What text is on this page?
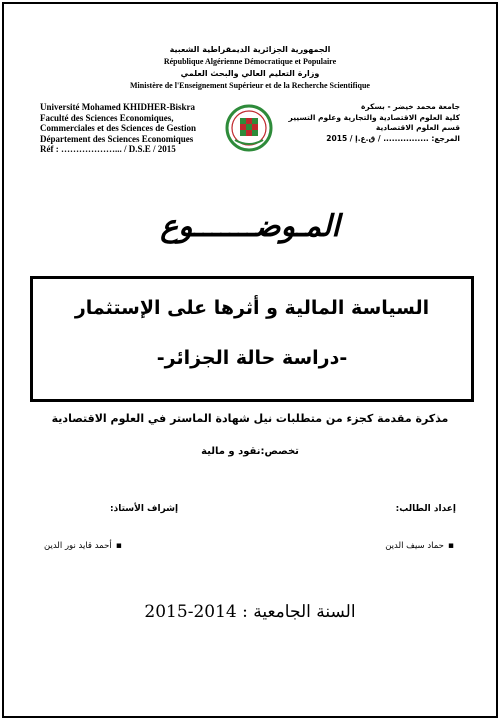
الجمهورية الجزائرية الديمقراطية الشعبية
République Algérienne Démocratique et Populaire
وزارة التعليم العالي والبحث العلمي
Ministère de l'Enseignement Supérieur et de la Recherche Scientifique
Université Mohamed KHIDHER-Biskra
Faculté des Sciences Economiques,
Commerciales et des Sciences de Gestion
Département des Sciences Economiques
Réf : ………………... / D.S.E / 2015
جامعة محمد خيضر - بسكرة
كلية العلوم الاقتصادية والتجارية وعلوم التسيير
قسم العلوم الاقتصادية
المرجع: ................ / ق.ع.إ / 2015
المـوضـــــــوع
السياسة المالية و أثرها على الإستثمار
-دراسة حالة الجزائر-
مذكرة مقدمة كجزء من متطلبات نيل شهادة الماستر في العلوم الاقتصادية
تخصص:نقود و مالية
إعداد الطالب:
إشراف الأستاذ:
▪حماد سيف الدين
▪أحمد قايد نور الدين
السنة الجامعية : 2014-2015
